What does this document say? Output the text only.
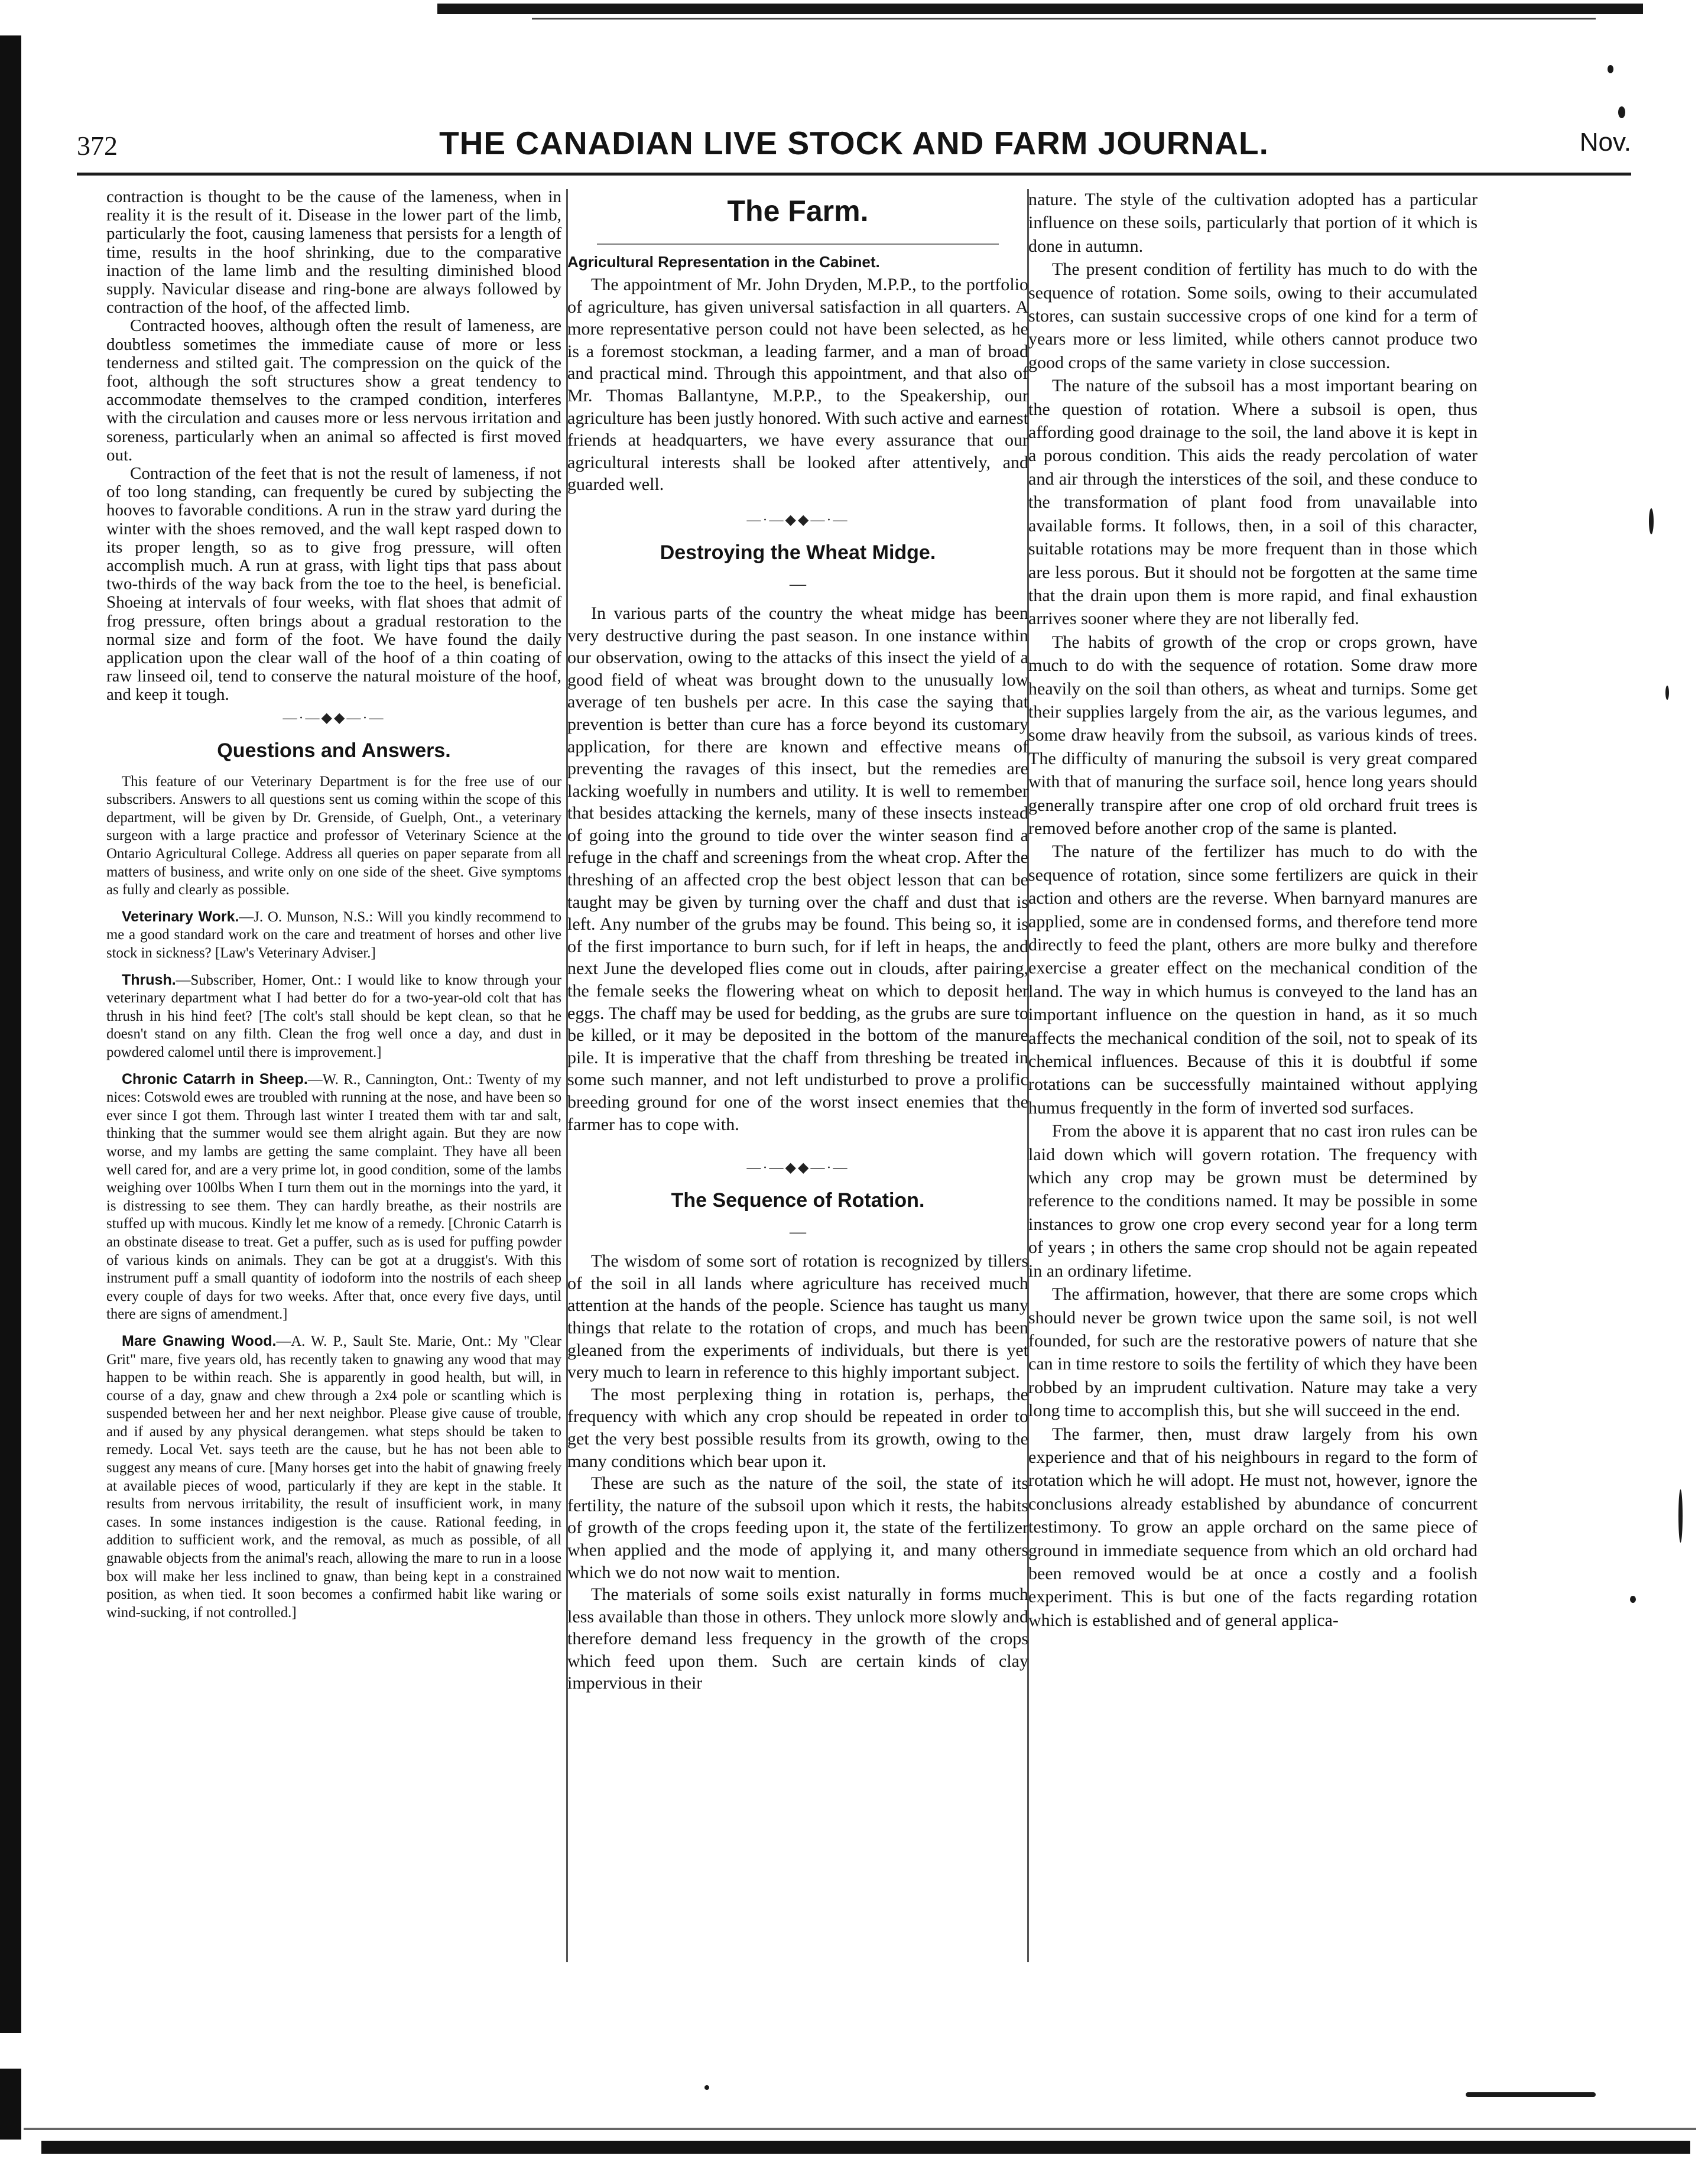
372	THE CANADIAN LIVE STOCK AND FARM JOURNAL.	Nov.

contraction is thought to be the cause of the lameness, when in reality it is the result of it. Disease in the lower part of the limb, particularly the foot, causing lameness that persists for a length of time, results in the hoof shrinking, due to the comparative inaction of the lame limb and the resulting diminished blood supply. Navicular disease and ring-bone are always followed by contraction of the hoof, of the affected limb.

Contracted hooves, although often the result of lameness, are doubtless sometimes the immediate cause of more or less tenderness and stilted gait. The compression on the quick of the foot, although the soft structures show a great tendency to accommodate themselves to the cramped condition, interferes with the circulation and causes more or less nervous irritation and soreness, particularly when an animal so affected is first moved out.

Contraction of the feet that is not the result of lameness, if not of too long standing, can frequently be cured by subjecting the hooves to favorable conditions. A run in the straw yard during the winter with the shoes removed, and the wall kept rasped down to its proper length, so as to give frog pressure, will often accomplish much. A run at grass, with light tips that pass about two-thirds of the way back from the toe to the heel, is beneficial. Shoeing at intervals of four weeks, with flat shoes that admit of frog pressure, often brings about a gradual restoration to the normal size and form of the foot. We have found the daily application upon the clear wall of the hoof of a thin coating of raw linseed oil, tend to conserve the natural moisture of the hoof, and keep it tough.

—·—◆◆—·—
Questions and Answers.

This feature of our Veterinary Department is for the free use of our subscribers. Answers to all questions sent us coming within the scope of this department, will be given by Dr. Grenside, of Guelph, Ont., a veterinary surgeon with a large practice and professor of Veterinary Science at the Ontario Agricultural College. Address all queries on paper separate from all matters of business, and write only on one side of the sheet. Give symptoms as fully and clearly as possible.

Veterinary Work.—J. O. Munson, N.S.: Will you kindly recommend to me a good standard work on the care and treatment of horses and other live stock in sickness? [Law's Veterinary Adviser.]

Thrush.—Subscriber, Homer, Ont.: I would like to know through your veterinary department what I had better do for a two-year-old colt that has thrush in his hind feet? [The colt's stall should be kept clean, so that he doesn't stand on any filth. Clean the frog well once a day, and dust in powdered calomel until there is improvement.]

Chronic Catarrh in Sheep.—W. R., Cannington, Ont.: Twenty of my nices: Cotswold ewes are troubled with running at the nose, and have been so ever since I got them. Through last winter I treated them with tar and salt, thinking that the summer would see them alright again. But they are now worse, and my lambs are getting the same complaint. They have all been well cared for, and are a very prime lot, in good condition, some of the lambs weighing over 100lbs When I turn them out in the mornings into the yard, it is distressing to see them. They can hardly breathe, as their nostrils are stuffed up with mucous. Kindly let me know of a remedy. [Chronic Catarrh is an obstinate disease to treat. Get a puffer, such as is used for puffing powder of various kinds on animals. They can be got at a druggist's. With this instrument puff a small quantity of iodoform into the nostrils of each sheep every couple of days for two weeks. After that, once every five days, until there are signs of amendment.]

Mare Gnawing Wood.—A. W. P., Sault Ste. Marie, Ont.: My "Clear Grit" mare, five years old, has recently taken to gnawing any wood that may happen to be within reach. She is apparently in good health, but will, in course of a day, gnaw and chew through a 2x4 pole or scantling which is suspended between her and her next neighbor. Please give cause of trouble, and if aused by any physical derangemen. what steps should be taken to remedy. Local Vet. says teeth are the cause, but he has not been able to suggest any means of cure. [Many horses get into the habit of gnawing freely at available pieces of wood, particularly if they are kept in the stable. It results from nervous irritability, the result of insufficient work, in many cases. In some instances indigestion is the cause. Rational feeding, in addition to sufficient work, and the removal, as much as possible, of all gnawable objects from the animal's reach, allowing the mare to run in a loose box will make her less inclined to gnaw, than being kept in a constrained position, as when tied. It soon becomes a confirmed habit like waring or wind-sucking, if not controlled.]

The Farm.
Agricultural Representation in the Cabinet.

The appointment of Mr. John Dryden, M.P.P., to the portfolio of agriculture, has given universal satisfaction in all quarters. A more representative person could not have been selected, as he is a foremost stockman, a leading farmer, and a man of broad and practical mind. Through this appointment, and that also of Mr. Thomas Ballantyne, M.P.P., to the Speakership, our agriculture has been justly honored. With such active and earnest friends at headquarters, we have every assurance that our agricultural interests shall be looked after attentively, and guarded well.

—·—◆◆—·—
Destroying the Wheat Midge.
—

In various parts of the country the wheat midge has been very destructive during the past season. In one instance within our observation, owing to the attacks of this insect the yield of a good field of wheat was brought down to the unusually low average of ten bushels per acre. In this case the saying that prevention is better than cure has a force beyond its customary application, for there are known and effective means of preventing the ravages of this insect, but the remedies are lacking woefully in numbers and utility. It is well to remember that besides attacking the kernels, many of these insects instead of going into the ground to tide over the winter season find a refuge in the chaff and screenings from the wheat crop. After the threshing of an affected crop the best object lesson that can be taught may be given by turning over the chaff and dust that is left. Any number of the grubs may be found. This being so, it is of the first importance to burn such, for if left in heaps, the and next June the developed flies come out in clouds, after pairing, the female seeks the flowering wheat on which to deposit her eggs. The chaff may be used for bedding, as the grubs are sure to be killed, or it may be deposited in the bottom of the manure pile. It is imperative that the chaff from threshing be treated in some such manner, and not left undisturbed to prove a prolific breeding ground for one of the worst insect enemies that the farmer has to cope with.

—·—◆◆—·—
The Sequence of Rotation.
—

The wisdom of some sort of rotation is recognized by tillers of the soil in all lands where agriculture has received much attention at the hands of the people. Science has taught us many things that relate to the rotation of crops, and much has been gleaned from the experiments of individuals, but there is yet very much to learn in reference to this highly important subject.

The most perplexing thing in rotation is, perhaps, the frequency with which any crop should be repeated in order to get the very best possible results from its growth, owing to the many conditions which bear upon it.

These are such as the nature of the soil, the state of its fertility, the nature of the subsoil upon which it rests, the habits of growth of the crops feeding upon it, the state of the fertilizer when applied and the mode of applying it, and many others which we do not now wait to mention.

The materials of some soils exist naturally in forms much less available than those in others. They unlock more slowly and therefore demand less frequency in the growth of the crops which feed upon them. Such are certain kinds of clay impervious in their

nature. The style of the cultivation adopted has a particular influence on these soils, particularly that portion of it which is done in autumn.

The present condition of fertility has much to do with the sequence of rotation. Some soils, owing to their accumulated stores, can sustain successive crops of one kind for a term of years more or less limited, while others cannot produce two good crops of the same variety in close succession.

The nature of the subsoil has a most important bearing on the question of rotation. Where a subsoil is open, thus affording good drainage to the soil, the land above it is kept in a porous condition. This aids the ready percolation of water and air through the interstices of the soil, and these conduce to the transformation of plant food from unavailable into available forms. It follows, then, in a soil of this character, suitable rotations may be more frequent than in those which are less porous. But it should not be forgotten at the same time that the drain upon them is more rapid, and final exhaustion arrives sooner where they are not liberally fed.

The habits of growth of the crop or crops grown, have much to do with the sequence of rotation. Some draw more heavily on the soil than others, as wheat and turnips. Some get their supplies largely from the air, as the various legumes, and some draw heavily from the subsoil, as various kinds of trees. The difficulty of manuring the subsoil is very great compared with that of manuring the surface soil, hence long years should generally transpire after one crop of old orchard fruit trees is removed before another crop of the same is planted.

The nature of the fertilizer has much to do with the sequence of rotation, since some fertilizers are quick in their action and others are the reverse. When barnyard manures are applied, some are in condensed forms, and therefore tend more directly to feed the plant, others are more bulky and therefore exercise a greater effect on the mechanical condition of the land. The way in which humus is conveyed to the land has an important influence on the question in hand, as it so much affects the mechanical condition of the soil, not to speak of its chemical influences. Because of this it is doubtful if some rotations can be successfully maintained without applying humus frequently in the form of inverted sod surfaces.

From the above it is apparent that no cast iron rules can be laid down which will govern rotation. The frequency with which any crop may be grown must be determined by reference to the conditions named. It may be possible in some instances to grow one crop every second year for a long term of years ; in others the same crop should not be again repeated in an ordinary lifetime.

The affirmation, however, that there are some crops which should never be grown twice upon the same soil, is not well founded, for such are the restorative powers of nature that she can in time restore to soils the fertility of which they have been robbed by an imprudent cultivation. Nature may take a very long time to accomplish this, but she will succeed in the end.

The farmer, then, must draw largely from his own experience and that of his neighbours in regard to the form of rotation which he will adopt. He must not, however, ignore the conclusions already established by abundance of concurrent testimony. To grow an apple orchard on the same piece of ground in immediate sequence from which an old orchard had been removed would be at once a costly and a foolish experiment. This is but one of the facts regarding rotation which is established and of general applica-
